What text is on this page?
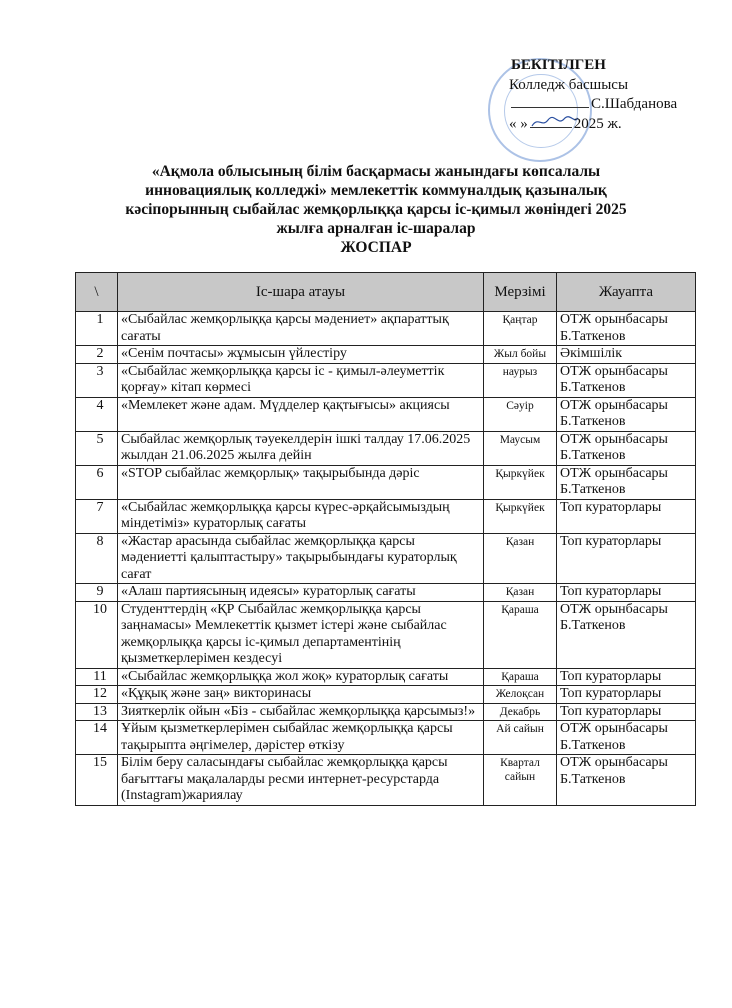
БЕКІТІЛГЕН
Колледж басшысы
С.Шабданова
« »	2025 ж.
«Ақмола облысының білім басқармасы жанындағы көпсалалы
инновациялық колледжі» мемлекеттік коммуналдық қазыналық
кәсіпорынның сыбайлас жемқорлыққа қарсы іс-қимыл жөніндегі 2025
жылға арналған іс-шаралар
ЖОСПАР
\	Іс-шара атауы	Мерзімі	Жауапта
1	«Сыбайлас жемқорлыққа қарсы мәдениет» ақпараттық сағаты	Қаңтар	ОТЖ орынбасары Б.Таткенов
2	«Сенім почтасы» жұмысын үйлестіру	Жыл бойы	Әкімшілік
3	«Сыбайлас жемқорлыққа қарсы іс - қимыл-әлеуметтік қорғау» кітап көрмесі	наурыз	ОТЖ орынбасары Б.Таткенов
4	«Мемлекет және адам. Мүдделер қақтығысы» акциясы	Сәуір	ОТЖ орынбасары Б.Таткенов
5	Сыбайлас жемқорлық тәуекелдерін ішкі талдау 17.06.2025 жылдан 21.06.2025 жылға дейін	Маусым	ОТЖ орынбасары Б.Таткенов
6	«STOP сыбайлас жемқорлық» тақырыбында дәріс	Қыркүйек	ОТЖ орынбасары Б.Таткенов
7	«Сыбайлас жемқорлыққа қарсы күрес-әрқайсымыздың міндетіміз» кураторлық сағаты	Қыркүйек	Топ кураторлары
8	«Жастар арасында сыбайлас жемқорлыққа қарсы мәдениетті қалыптастыру» тақырыбындағы кураторлық сағат	Қазан	Топ кураторлары
9	«Алаш партиясының идеясы» кураторлық сағаты	Қазан	Топ кураторлары
10	Студенттердің «ҚР Сыбайлас жемқорлыққа қарсы заңнамасы» Мемлекеттік қызмет істері және сыбайлас жемқорлыққа қарсы іс-қимыл департаментінің қызметкерлерімен кездесуі	Қараша	ОТЖ орынбасары Б.Таткенов
11	«Сыбайлас жемқорлыққа жол жоқ» кураторлық сағаты	Қараша	Топ кураторлары
12	«Құқық және заң» викторинасы	Желоқсан	Топ кураторлары
13	Зияткерлік ойын «Біз - сыбайлас жемқорлыққа қарсымыз!»	Декабрь	Топ кураторлары
14	Ұйым қызметкерлерімен сыбайлас жемқорлыққа қарсы тақырыпта әңгімелер, дәрістер өткізу	Ай сайын	ОТЖ орынбасары Б.Таткенов
15	Білім беру саласындағы сыбайлас жемқорлыққа қарсы бағыттағы мақалаларды ресми интернет-ресурстарда (Instagram)жариялау	Квартал сайын	ОТЖ орынбасары Б.Таткенов
